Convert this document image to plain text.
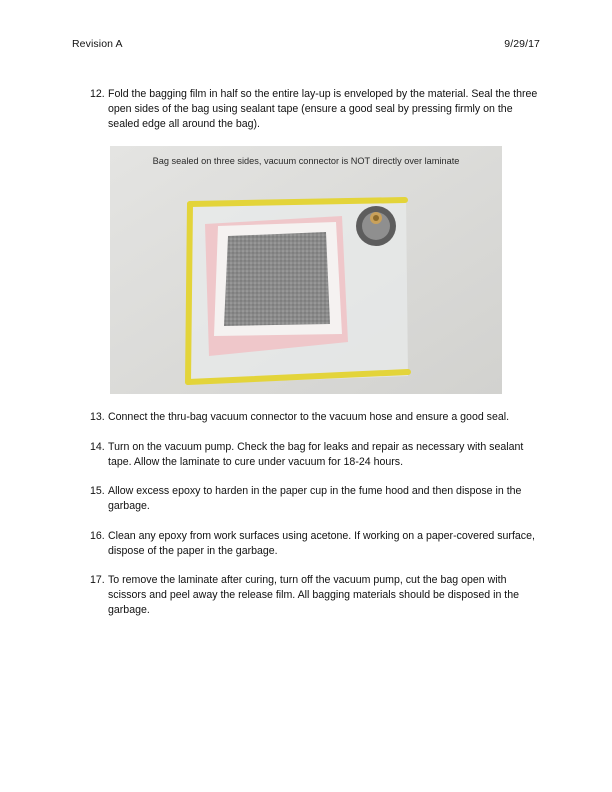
Revision A	9/29/17
12. Fold the bagging film in half so the entire lay-up is enveloped by the material. Seal the three open sides of the bag using sealant tape (ensure a good seal by pressing firmly on the sealed edge all around the bag).
Bag sealed on three sides, vacuum connector is NOT directly over laminate
13. Connect the thru-bag vacuum connector to the vacuum hose and ensure a good seal.
14. Turn on the vacuum pump. Check the bag for leaks and repair as necessary with sealant tape. Allow the laminate to cure under vacuum for 18-24 hours.
15. Allow excess epoxy to harden in the paper cup in the fume hood and then dispose in the garbage.
16. Clean any epoxy from work surfaces using acetone. If working on a paper-covered surface, dispose of the paper in the garbage.
17. To remove the laminate after curing, turn off the vacuum pump, cut the bag open with scissors and peel away the release film. All bagging materials should be disposed in the garbage.
